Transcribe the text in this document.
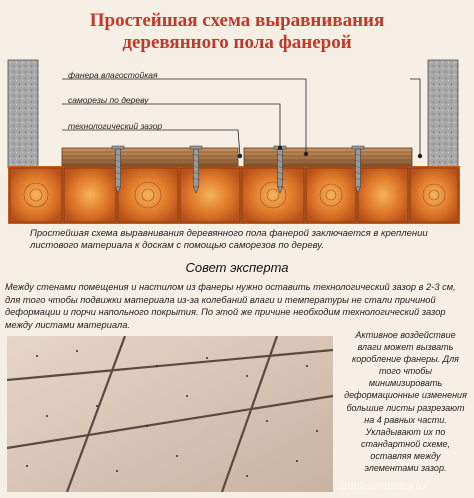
Простейшая схема выравнивания деревянного пола фанерой
фанера влагостойкая
саморезы по дереву
технологический зазор
Простейшая схема выравнивания деревянного пола фанерой заключается в креплении листового материала к доскам с помощью саморезов по дереву.
Совет эксперта
Между стенами помещения и настилом из фанеры нужно оставить технологический зазор в 2-3 см, для того чтобы подвижки материала из-за колебаний влаги и температуры не стали причиной деформации и порчи напольного покрытия. По этой же причине необходим технологический зазор между листами материала.
Активное воздействие влаги может вызвать коробление фанеры. Для того чтобы минимизировать деформационные изменения большие листы разрезают на 4 равных части. Укладывают их по стандартной схеме, оставляя между элементами зазор.
SdelaitKenlony.ru
